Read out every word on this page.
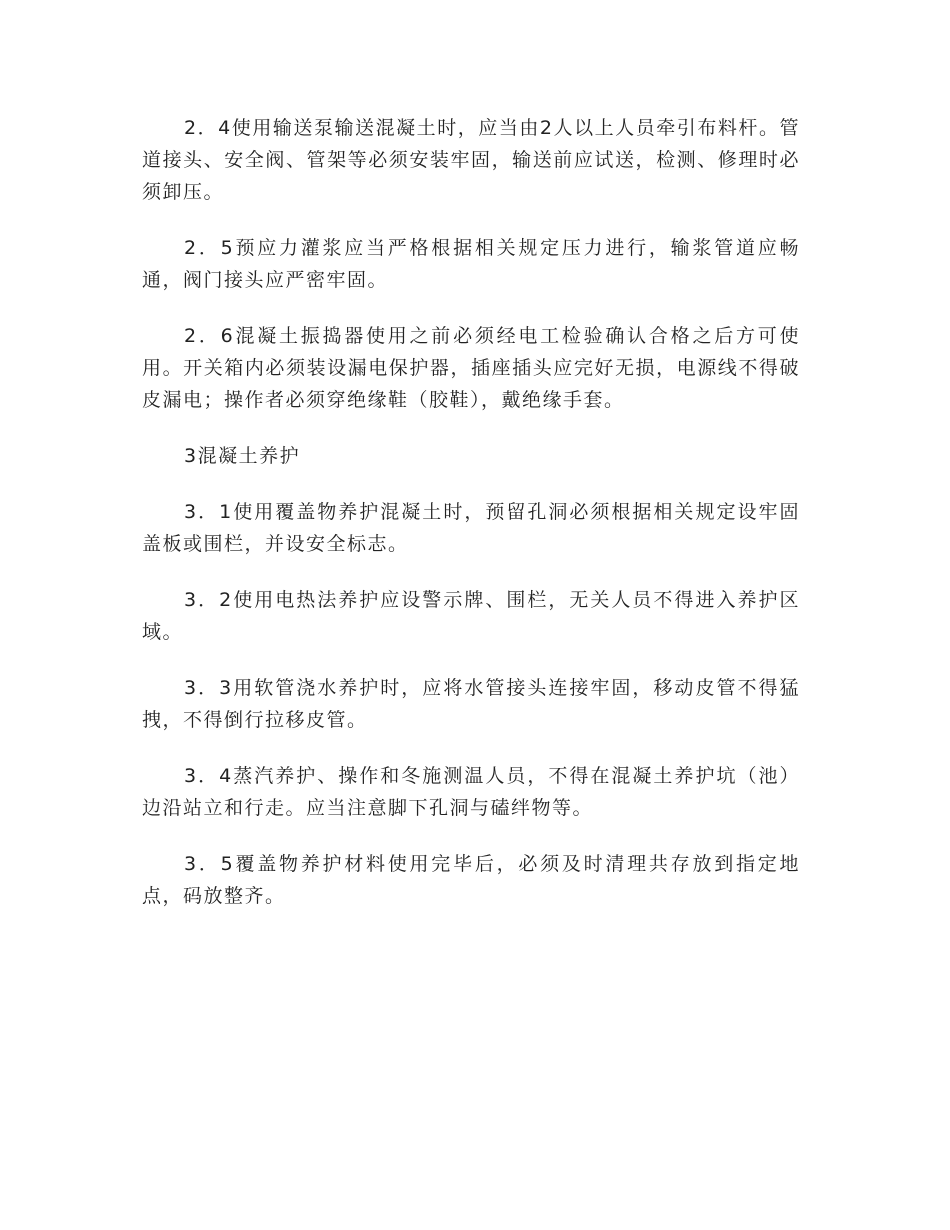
2．4使用输送泵输送混凝土时，应当由2人以上人员牵引布料杆。管道接头、安全阀、管架等必须安装牢固，输送前应试送，检测、修理时必须卸压。

2．5预应力灌浆应当严格根据相关规定压力进行，输浆管道应畅通，阀门接头应严密牢固。

2．6混凝土振捣器使用之前必须经电工检验确认合格之后方可使用。开关箱内必须装设漏电保护器，插座插头应完好无损，电源线不得破皮漏电；操作者必须穿绝缘鞋（胶鞋），戴绝缘手套。

3混凝土养护

3．1使用覆盖物养护混凝土时，预留孔洞必须根据相关规定设牢固盖板或围栏，并设安全标志。

3．2使用电热法养护应设警示牌、围栏，无关人员不得进入养护区域。

3．3用软管浇水养护时，应将水管接头连接牢固，移动皮管不得猛拽，不得倒行拉移皮管。

3．4蒸汽养护、操作和冬施测温人员，不得在混凝土养护坑（池）边沿站立和行走。应当注意脚下孔洞与磕绊物等。

3．5覆盖物养护材料使用完毕后，必须及时清理共存放到指定地点，码放整齐。
